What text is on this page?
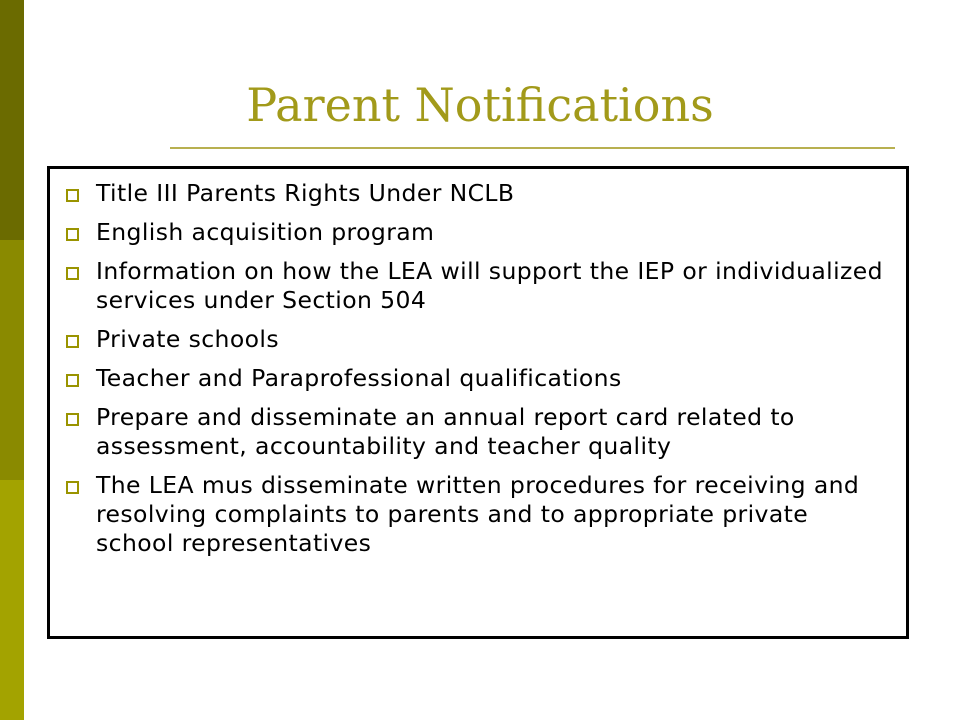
Parent Notifications
Title III Parents Rights Under NCLB
English acquisition program
Information on how the LEA will support the IEP or individualized services under Section 504
Private schools
Teacher and Paraprofessional qualifications
Prepare and disseminate an annual report card related to assessment, accountability and teacher quality
The LEA mus disseminate written procedures for receiving and resolving complaints to parents and to appropriate private school representatives
